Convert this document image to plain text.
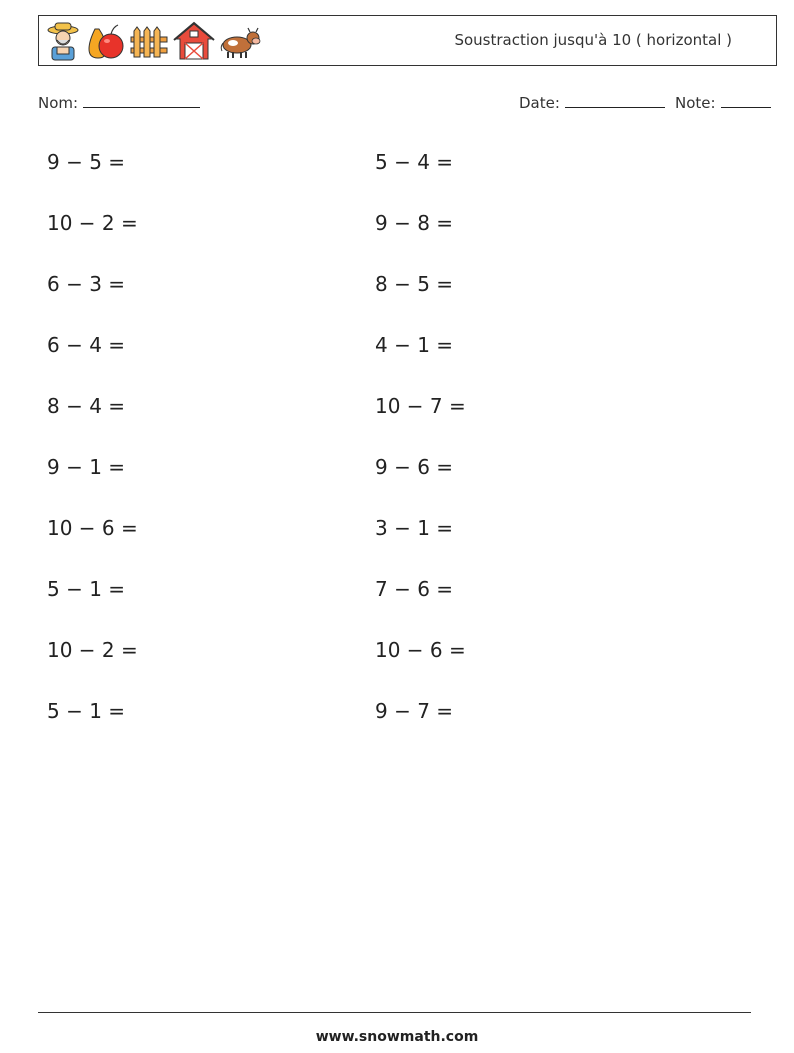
Soustraction jusqu'à 10 ( horizontal )
Nom:	Date:	Note:
9 − 5 =
10 − 2 =
6 − 3 =
6 − 4 =
8 − 4 =
9 − 1 =
10 − 6 =
5 − 1 =
10 − 2 =
5 − 1 =
5 − 4 =
9 − 8 =
8 − 5 =
4 − 1 =
10 − 7 =
9 − 6 =
3 − 1 =
7 − 6 =
10 − 6 =
9 − 7 =
www.snowmath.com
